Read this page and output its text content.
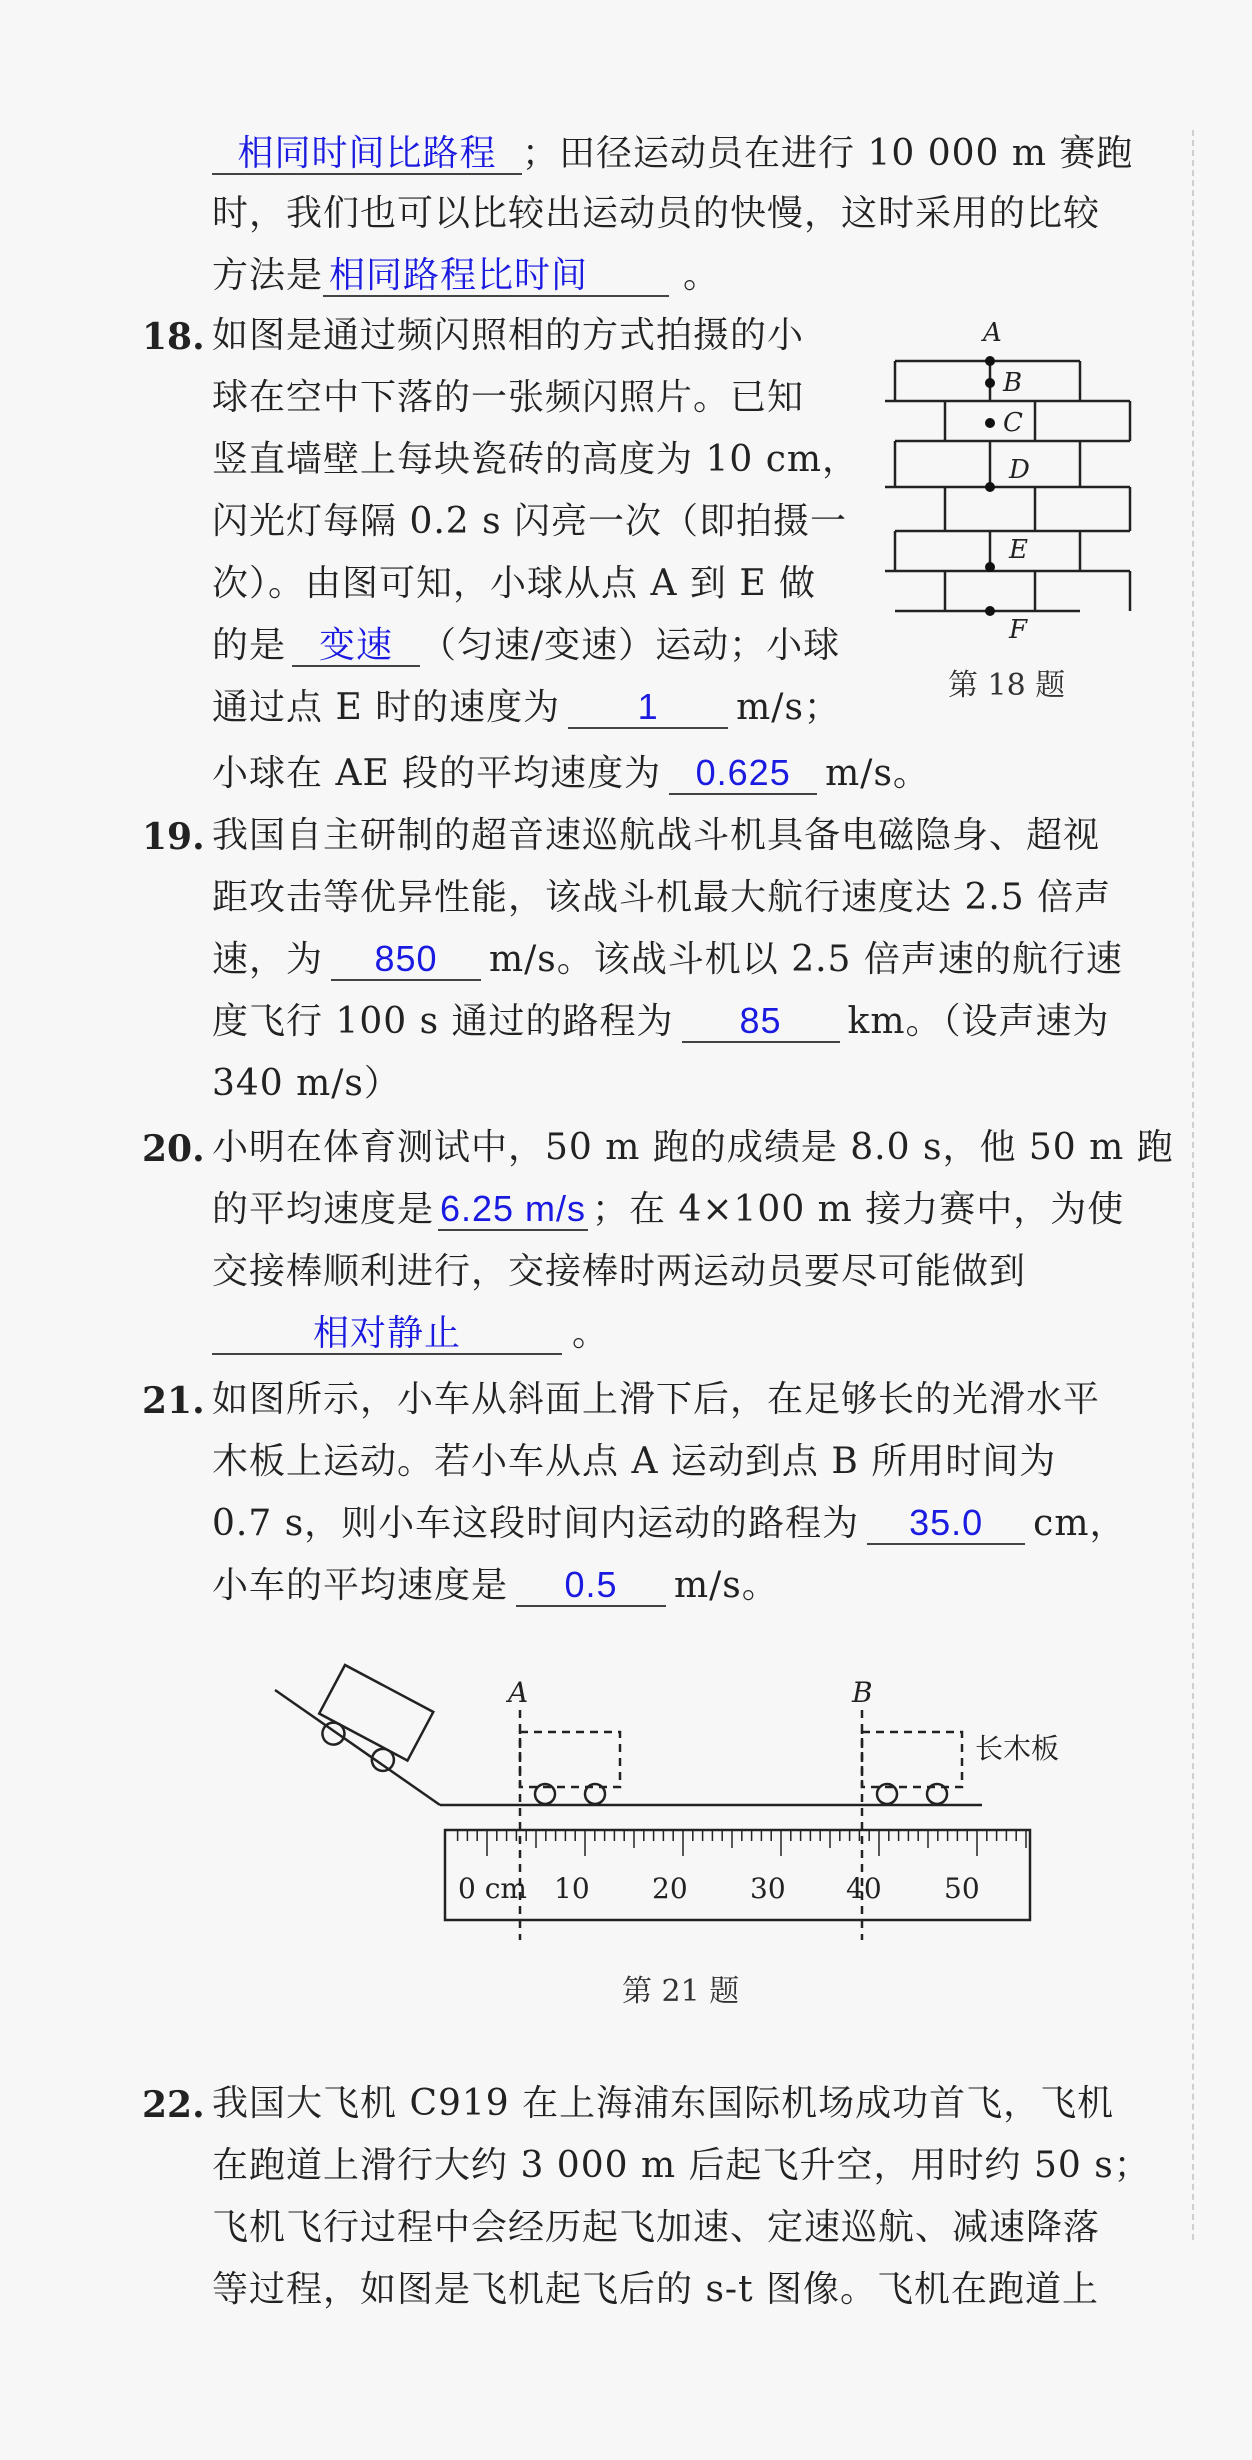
相同时间比路程 ；田径运动员在进行 10 000 m 赛跑
时，我们也可以比较出运动员的快慢，这时采用的比较
方法是 相同路程比时间	。
18. 如图是通过频闪照相的方式拍摄的小
球在空中下落的一张频闪照片。已知
竖直墙壁上每块瓷砖的高度为 10 cm，
闪光灯每隔 0.2 s 闪亮一次（即拍摄一
次）。由图可知，小球从点 A 到 E 做
的是 变速 （匀速/变速）运动；小球
通过点 E 时的速度为 1 m/s；
小球在 AE 段的平均速度为 0.625 m/s。
A
B
C
D
E
F
第 18 题
19. 我国自主研制的超音速巡航战斗机具备电磁隐身、超视
距攻击等优异性能，该战斗机最大航行速度达 2.5 倍声
速，为 850 m/s。该战斗机以 2.5 倍声速的航行速
度飞行 100 s 通过的路程为 85 km。（设声速为
340 m/s）
20. 小明在体育测试中，50 m 跑的成绩是 8.0 s，他 50 m 跑
的平均速度是 6.25 m/s ；在 4×100 m 接力赛中，为使
交接棒顺利进行，交接棒时两运动员要尽可能做到
相对静止	。
21. 如图所示，小车从斜面上滑下后，在足够长的光滑水平
木板上运动。若小车从点 A 运动到点 B 所用时间为
0.7 s，则小车这段时间内运动的路程为 35.0 cm，
小车的平均速度是 0.5 m/s。
A	B
长木板
0 cm 10 20 30 40 50
第 21 题
22. 我国大飞机 C919 在上海浦东国际机场成功首飞，飞机
在跑道上滑行大约 3 000 m 后起飞升空，用时约 50 s；
飞机飞行过程中会经历起飞加速、定速巡航、减速降落
等过程，如图是飞机起飞后的 s-t 图像。飞机在跑道上
